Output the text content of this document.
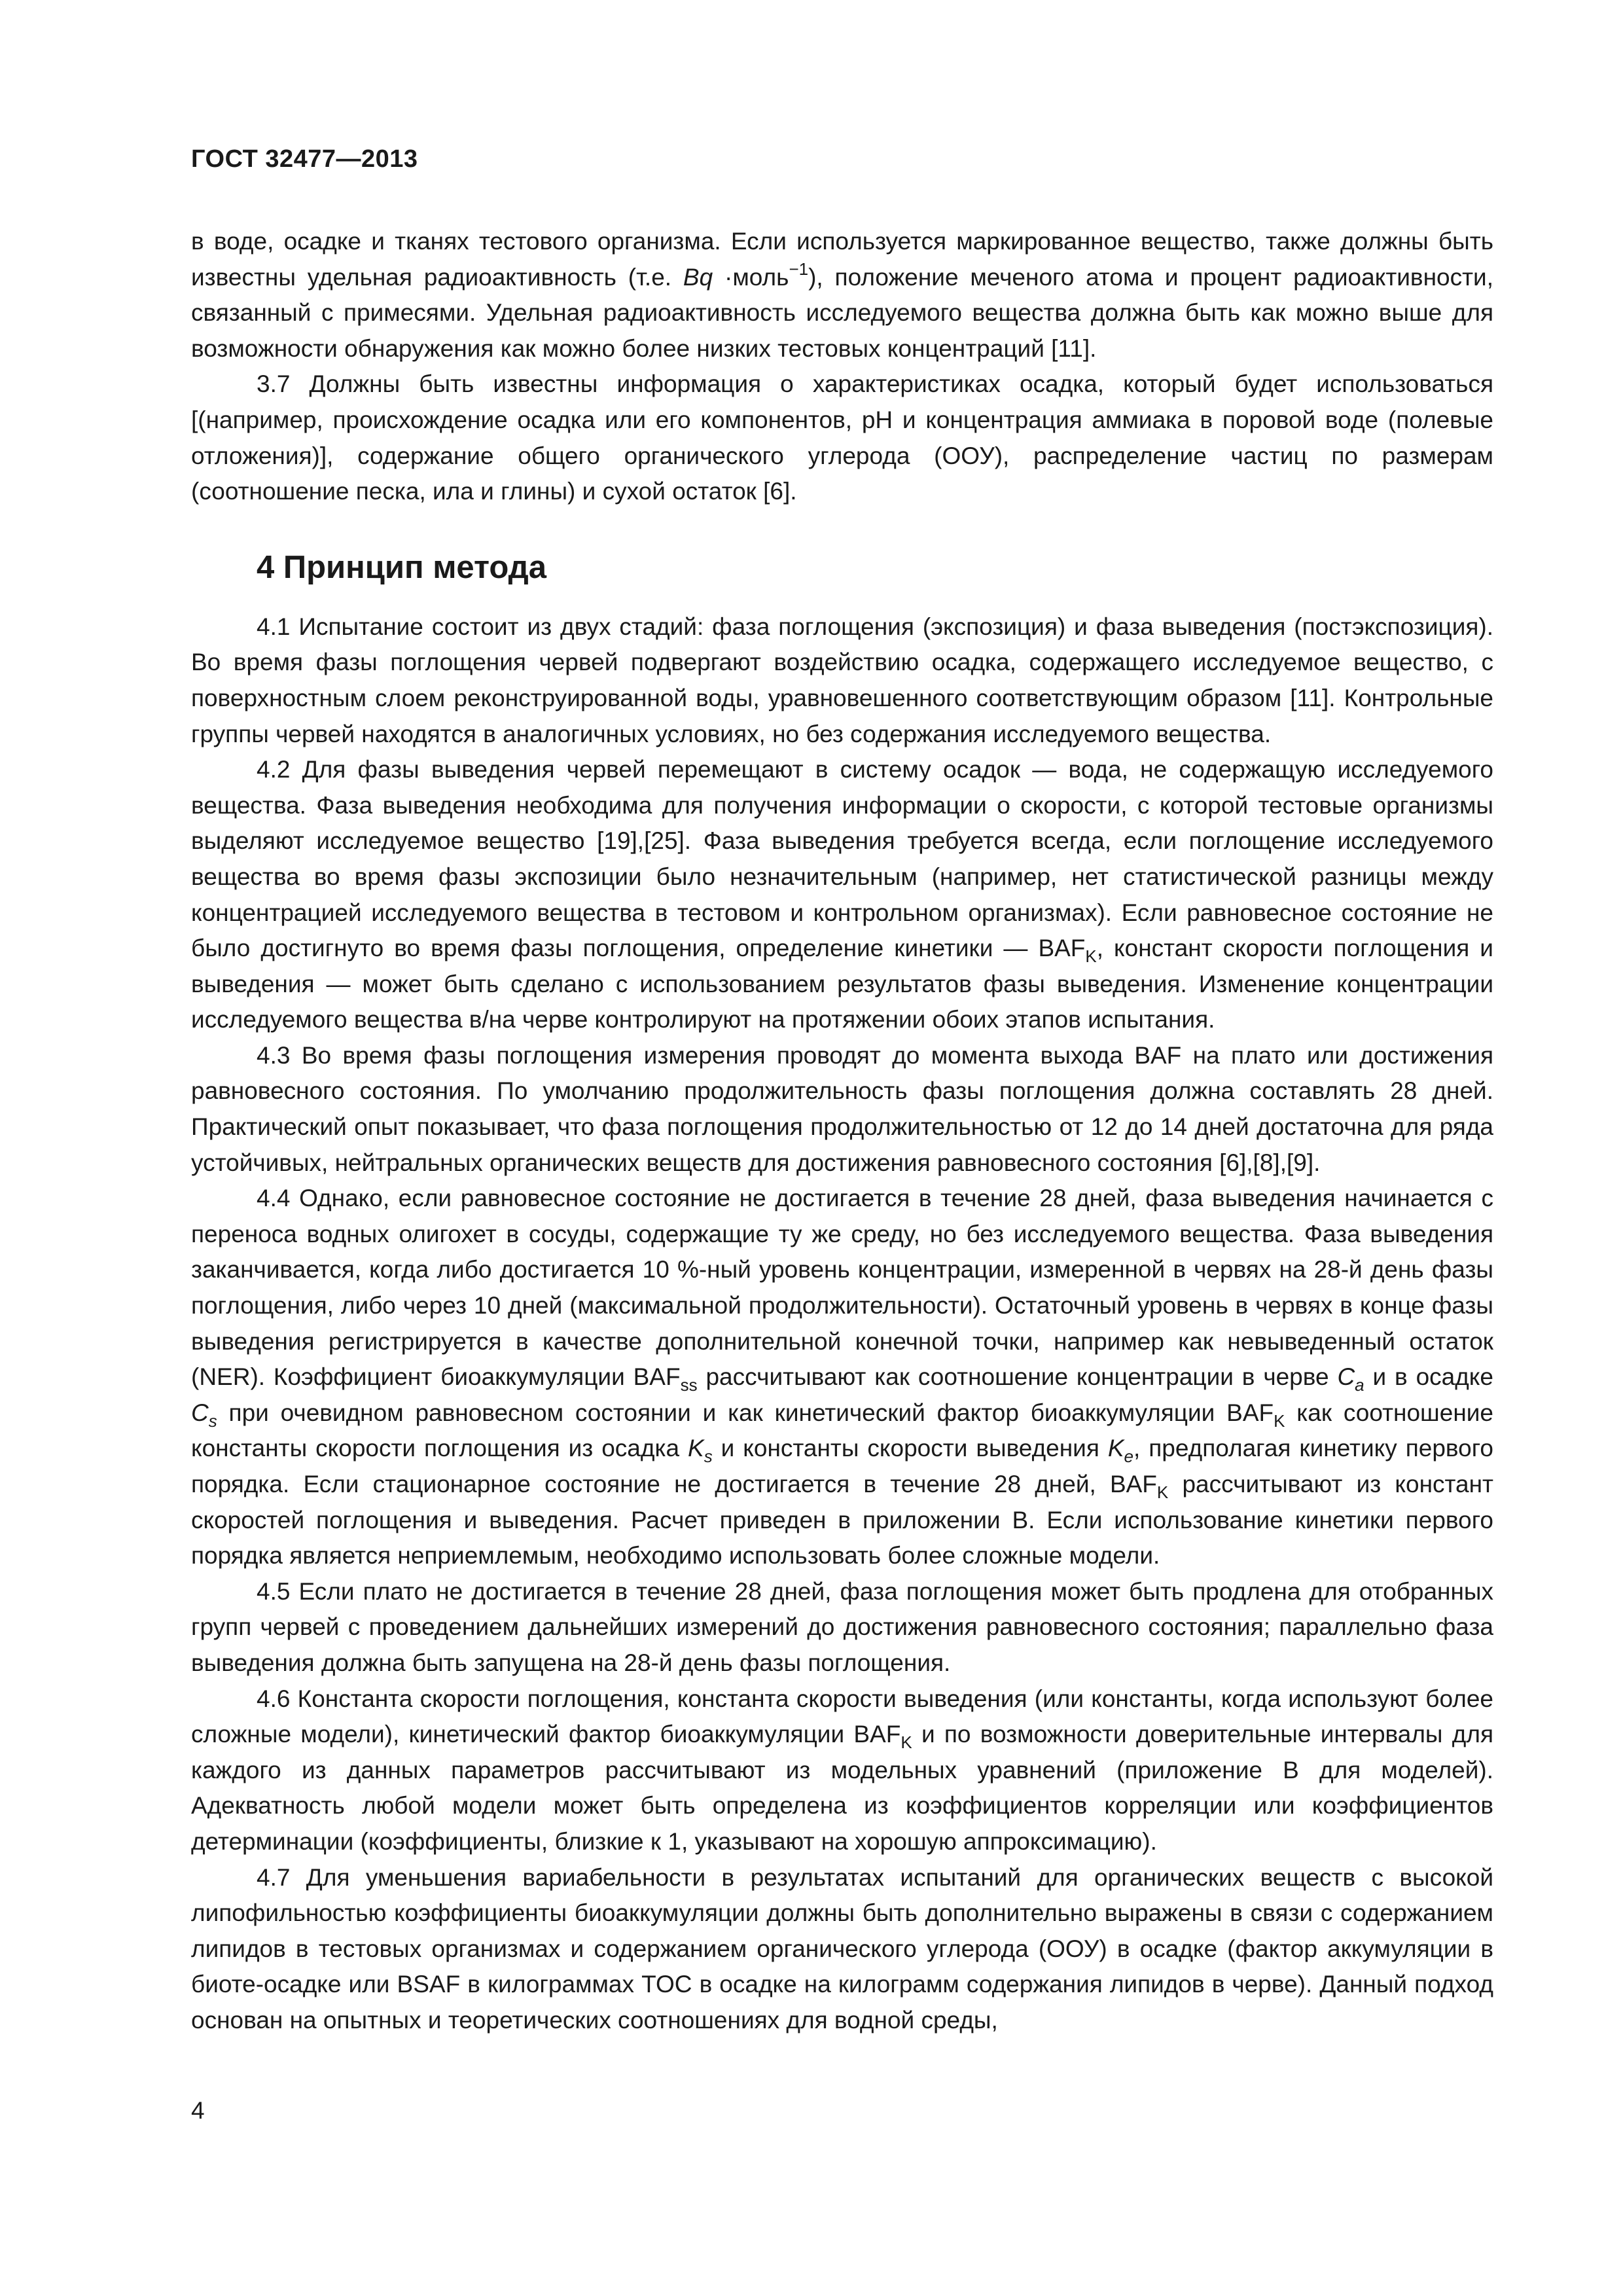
ГОСТ 32477—2013

в воде, осадке и тканях тестового организма. Если используется маркированное вещество, также должны быть известны удельная радиоактивность (т.е. Bq ·моль$^{-1}$), положение меченого атома и процент радиоактивности, связанный с примесями. Удельная радиоактивность исследуемого вещества должна быть как можно выше для возможности обнаружения как можно более низких тестовых концентраций [11].

3.7 Должны быть известны информация о характеристиках осадка, который будет использоваться [(например, происхождение осадка или его компонентов, pH и концентрация аммиака в поровой воде (полевые отложения)], содержание общего органического углерода (ООУ), распределение частиц по размерам (соотношение песка, ила и глины) и сухой остаток [6].

4 Принцип метода

4.1 Испытание состоит из двух стадий: фаза поглощения (экспозиция) и фаза выведения (постэкспозиция). Во время фазы поглощения червей подвергают воздействию осадка, содержащего исследуемое вещество, с поверхностным слоем реконструированной воды, уравновешенного соответствующим образом [11]. Контрольные группы червей находятся в аналогичных условиях, но без содержания исследуемого вещества.

4.2 Для фазы выведения червей перемещают в систему осадок — вода, не содержащую исследуемого вещества. Фаза выведения необходима для получения информации о скорости, с которой тестовые организмы выделяют исследуемое вещество [19],[25]. Фаза выведения требуется всегда, если поглощение исследуемого вещества во время фазы экспозиции было незначительным (например, нет статистической разницы между концентрацией исследуемого вещества в тестовом и контрольном организмах). Если равновесное состояние не было достигнуто во время фазы поглощения, определение кинетики — $BAF_K$, констант скорости поглощения и выведения — может быть сделано с использованием результатов фазы выведения. Изменение концентрации исследуемого вещества в/на черве контролируют на протяжении обоих этапов испытания.

4.3 Во время фазы поглощения измерения проводят до момента выхода BAF на плато или достижения равновесного состояния. По умолчанию продолжительность фазы поглощения должна составлять 28 дней. Практический опыт показывает, что фаза поглощения продолжительностью от 12 до 14 дней достаточна для ряда устойчивых, нейтральных органических веществ для достижения равновесного состояния [6],[8],[9].

4.4 Однако, если равновесное состояние не достигается в течение 28 дней, фаза выведения начинается с переноса водных олигохет в сосуды, содержащие ту же среду, но без исследуемого вещества. Фаза выведения заканчивается, когда либо достигается 10 %-ный уровень концентрации, измеренной в червях на 28-й день фазы поглощения, либо через 10 дней (максимальной продолжительности). Остаточный уровень в червях в конце фазы выведения регистрируется в качестве дополнительной конечной точки, например как невыведенный остаток (NER). Коэффициент биоаккумуляции $BAF_{ss}$ рассчитывают как соотношение концентрации в черве $C_a$ и в осадке $C_s$ при очевидном равновесном состоянии и как кинетический фактор биоаккумуляции $BAF_K$ как соотношение константы скорости поглощения из осадка $K_s$ и константы скорости выведения $K_e$, предполагая кинетику первого порядка. Если стационарное состояние не достигается в течение 28 дней, $BAF_K$ рассчитывают из констант скоростей поглощения и выведения. Расчет приведен в приложении В. Если использование кинетики первого порядка является неприемлемым, необходимо использовать более сложные модели.

4.5 Если плато не достигается в течение 28 дней, фаза поглощения может быть продлена для отобранных групп червей с проведением дальнейших измерений до достижения равновесного состояния; параллельно фаза выведения должна быть запущена на 28-й день фазы поглощения.

4.6 Константа скорости поглощения, константа скорости выведения (или константы, когда используют более сложные модели), кинетический фактор биоаккумуляции $BAF_K$ и по возможности доверительные интервалы для каждого из данных параметров рассчитывают из модельных уравнений (приложение В для моделей). Адекватность любой модели может быть определена из коэффициентов корреляции или коэффициентов детерминации (коэффициенты, близкие к 1, указывают на хорошую аппроксимацию).

4.7 Для уменьшения вариабельности в результатах испытаний для органических веществ с высокой липофильностью коэффициенты биоаккумуляции должны быть дополнительно выражены в связи с содержанием липидов в тестовых организмах и содержанием органического углерода (ООУ) в осадке (фактор аккумуляции в биоте-осадке или BSAF в килограммах TOC в осадке на килограмм содержания липидов в черве). Данный подход основан на опытных и теоретических соотношениях для водной среды,

4
